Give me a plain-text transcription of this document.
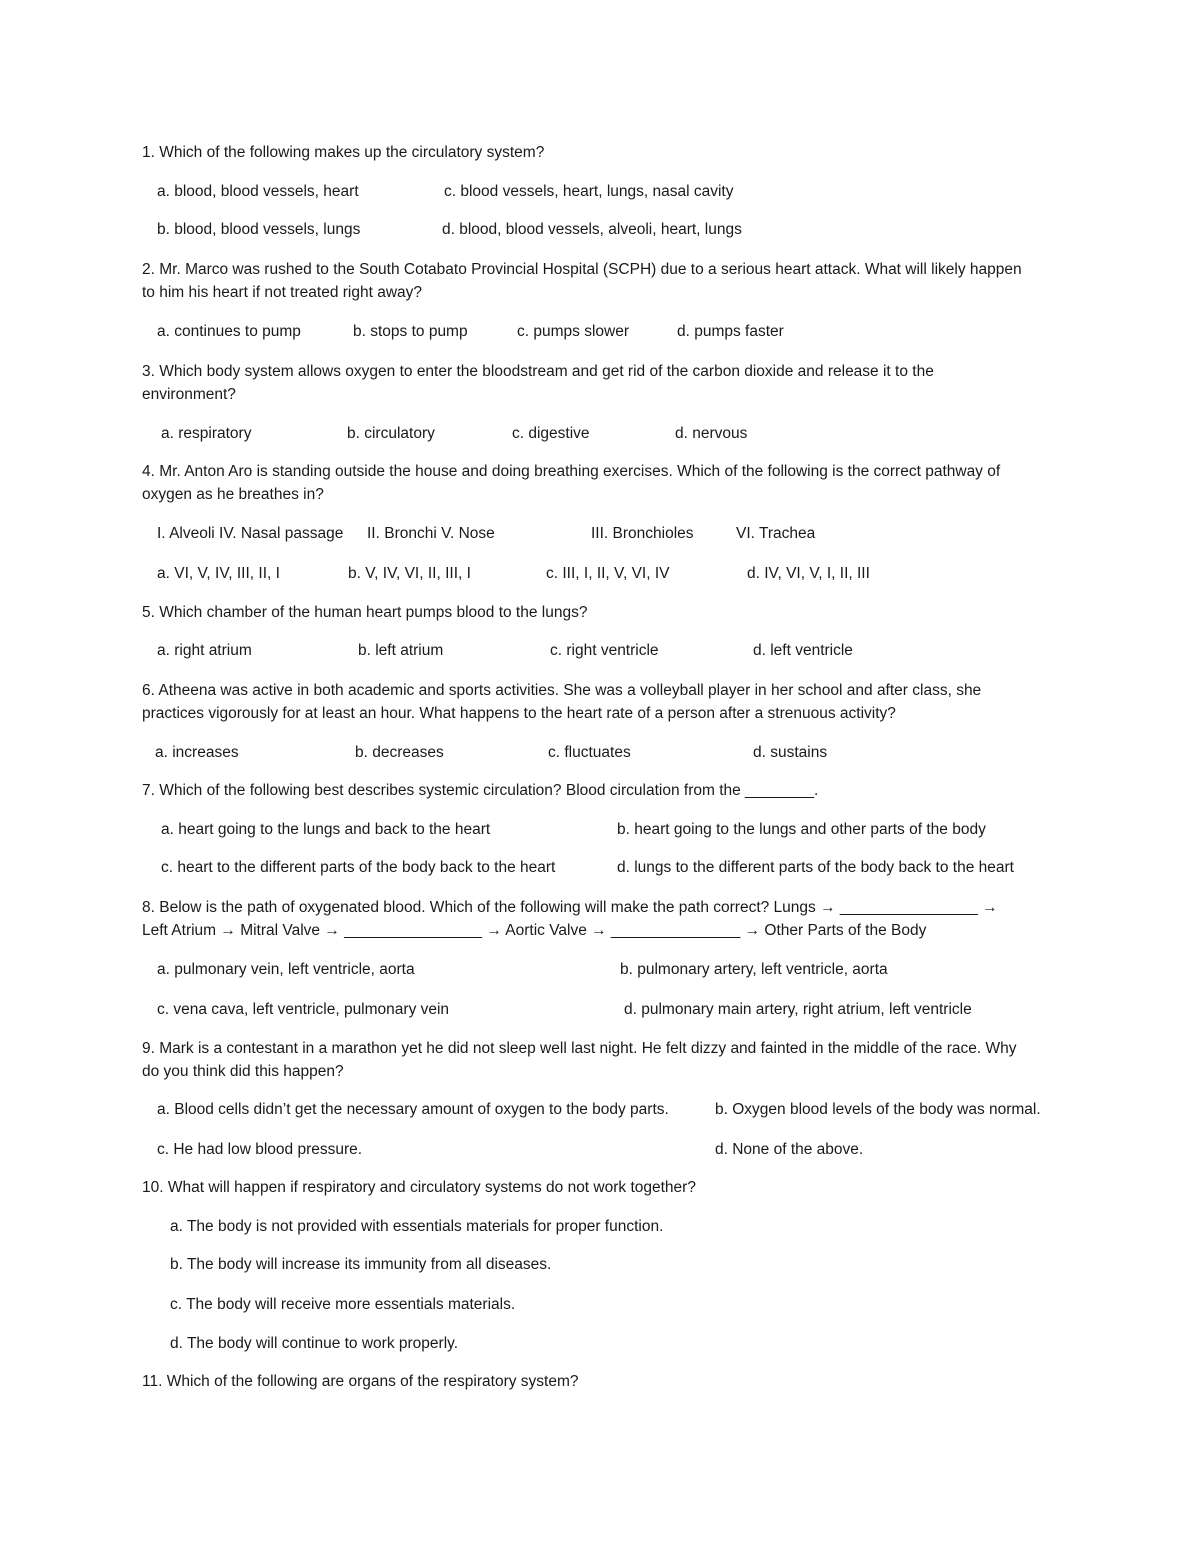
1. Which of the following makes up the circulatory system?
a. blood, blood vessels, heart	c. blood vessels, heart, lungs, nasal cavity
b. blood, blood vessels, lungs	d. blood, blood vessels, alveoli, heart, lungs
2. Mr. Marco was rushed to the South Cotabato Provincial Hospital (SCPH) due to a serious heart attack. What will likely happen
to him his heart if not treated right away?
a. continues to pump	b. stops to pump	c. pumps slower	d. pumps faster
3. Which body system allows oxygen to enter the bloodstream and get rid of the carbon dioxide and release it to the
environment?
a. respiratory	b. circulatory	c. digestive	d. nervous
4. Mr. Anton Aro is standing outside the house and doing breathing exercises. Which of the following is the correct pathway of
oxygen as he breathes in?
I. Alveoli IV. Nasal passage II. Bronchi V. Nose	III. Bronchioles	VI. Trachea
a. VI, V, IV, III, II, I	b. V, IV, VI, II, III, I	c. III, I, II, V, VI, IV	d. IV, VI, V, I, II, III
5. Which chamber of the human heart pumps blood to the lungs?
a. right atrium	b. left atrium	c. right ventricle	d. left ventricle
6. Atheena was active in both academic and sports activities. She was a volleyball player in her school and after class, she
practices vigorously for at least an hour. What happens to the heart rate of a person after a strenuous activity?
a. increases	b. decreases	c. fluctuates	d. sustains
7. Which of the following best describes systemic circulation? Blood circulation from the ________.
a. heart going to the lungs and back to the heart	b. heart going to the lungs and other parts of the body
c. heart to the different parts of the body back to the heart	d. lungs to the different parts of the body back to the heart
8. Below is the path of oxygenated blood. Which of the following will make the path correct? Lungs → ________________ →
Left Atrium → Mitral Valve → ________________ → Aortic Valve → _______________ → Other Parts of the Body
a. pulmonary vein, left ventricle, aorta	b. pulmonary artery, left ventricle, aorta
c. vena cava, left ventricle, pulmonary vein	d. pulmonary main artery, right atrium, left ventricle
9. Mark is a contestant in a marathon yet he did not sleep well last night. He felt dizzy and fainted in the middle of the race. Why
do you think did this happen?
a. Blood cells didn’t get the necessary amount of oxygen to the body parts.	b. Oxygen blood levels of the body was normal.
c. He had low blood pressure.	d. None of the above.
10. What will happen if respiratory and circulatory systems do not work together?
a. The body is not provided with essentials materials for proper function.
b. The body will increase its immunity from all diseases.
c. The body will receive more essentials materials.
d. The body will continue to work properly.
11. Which of the following are organs of the respiratory system?
